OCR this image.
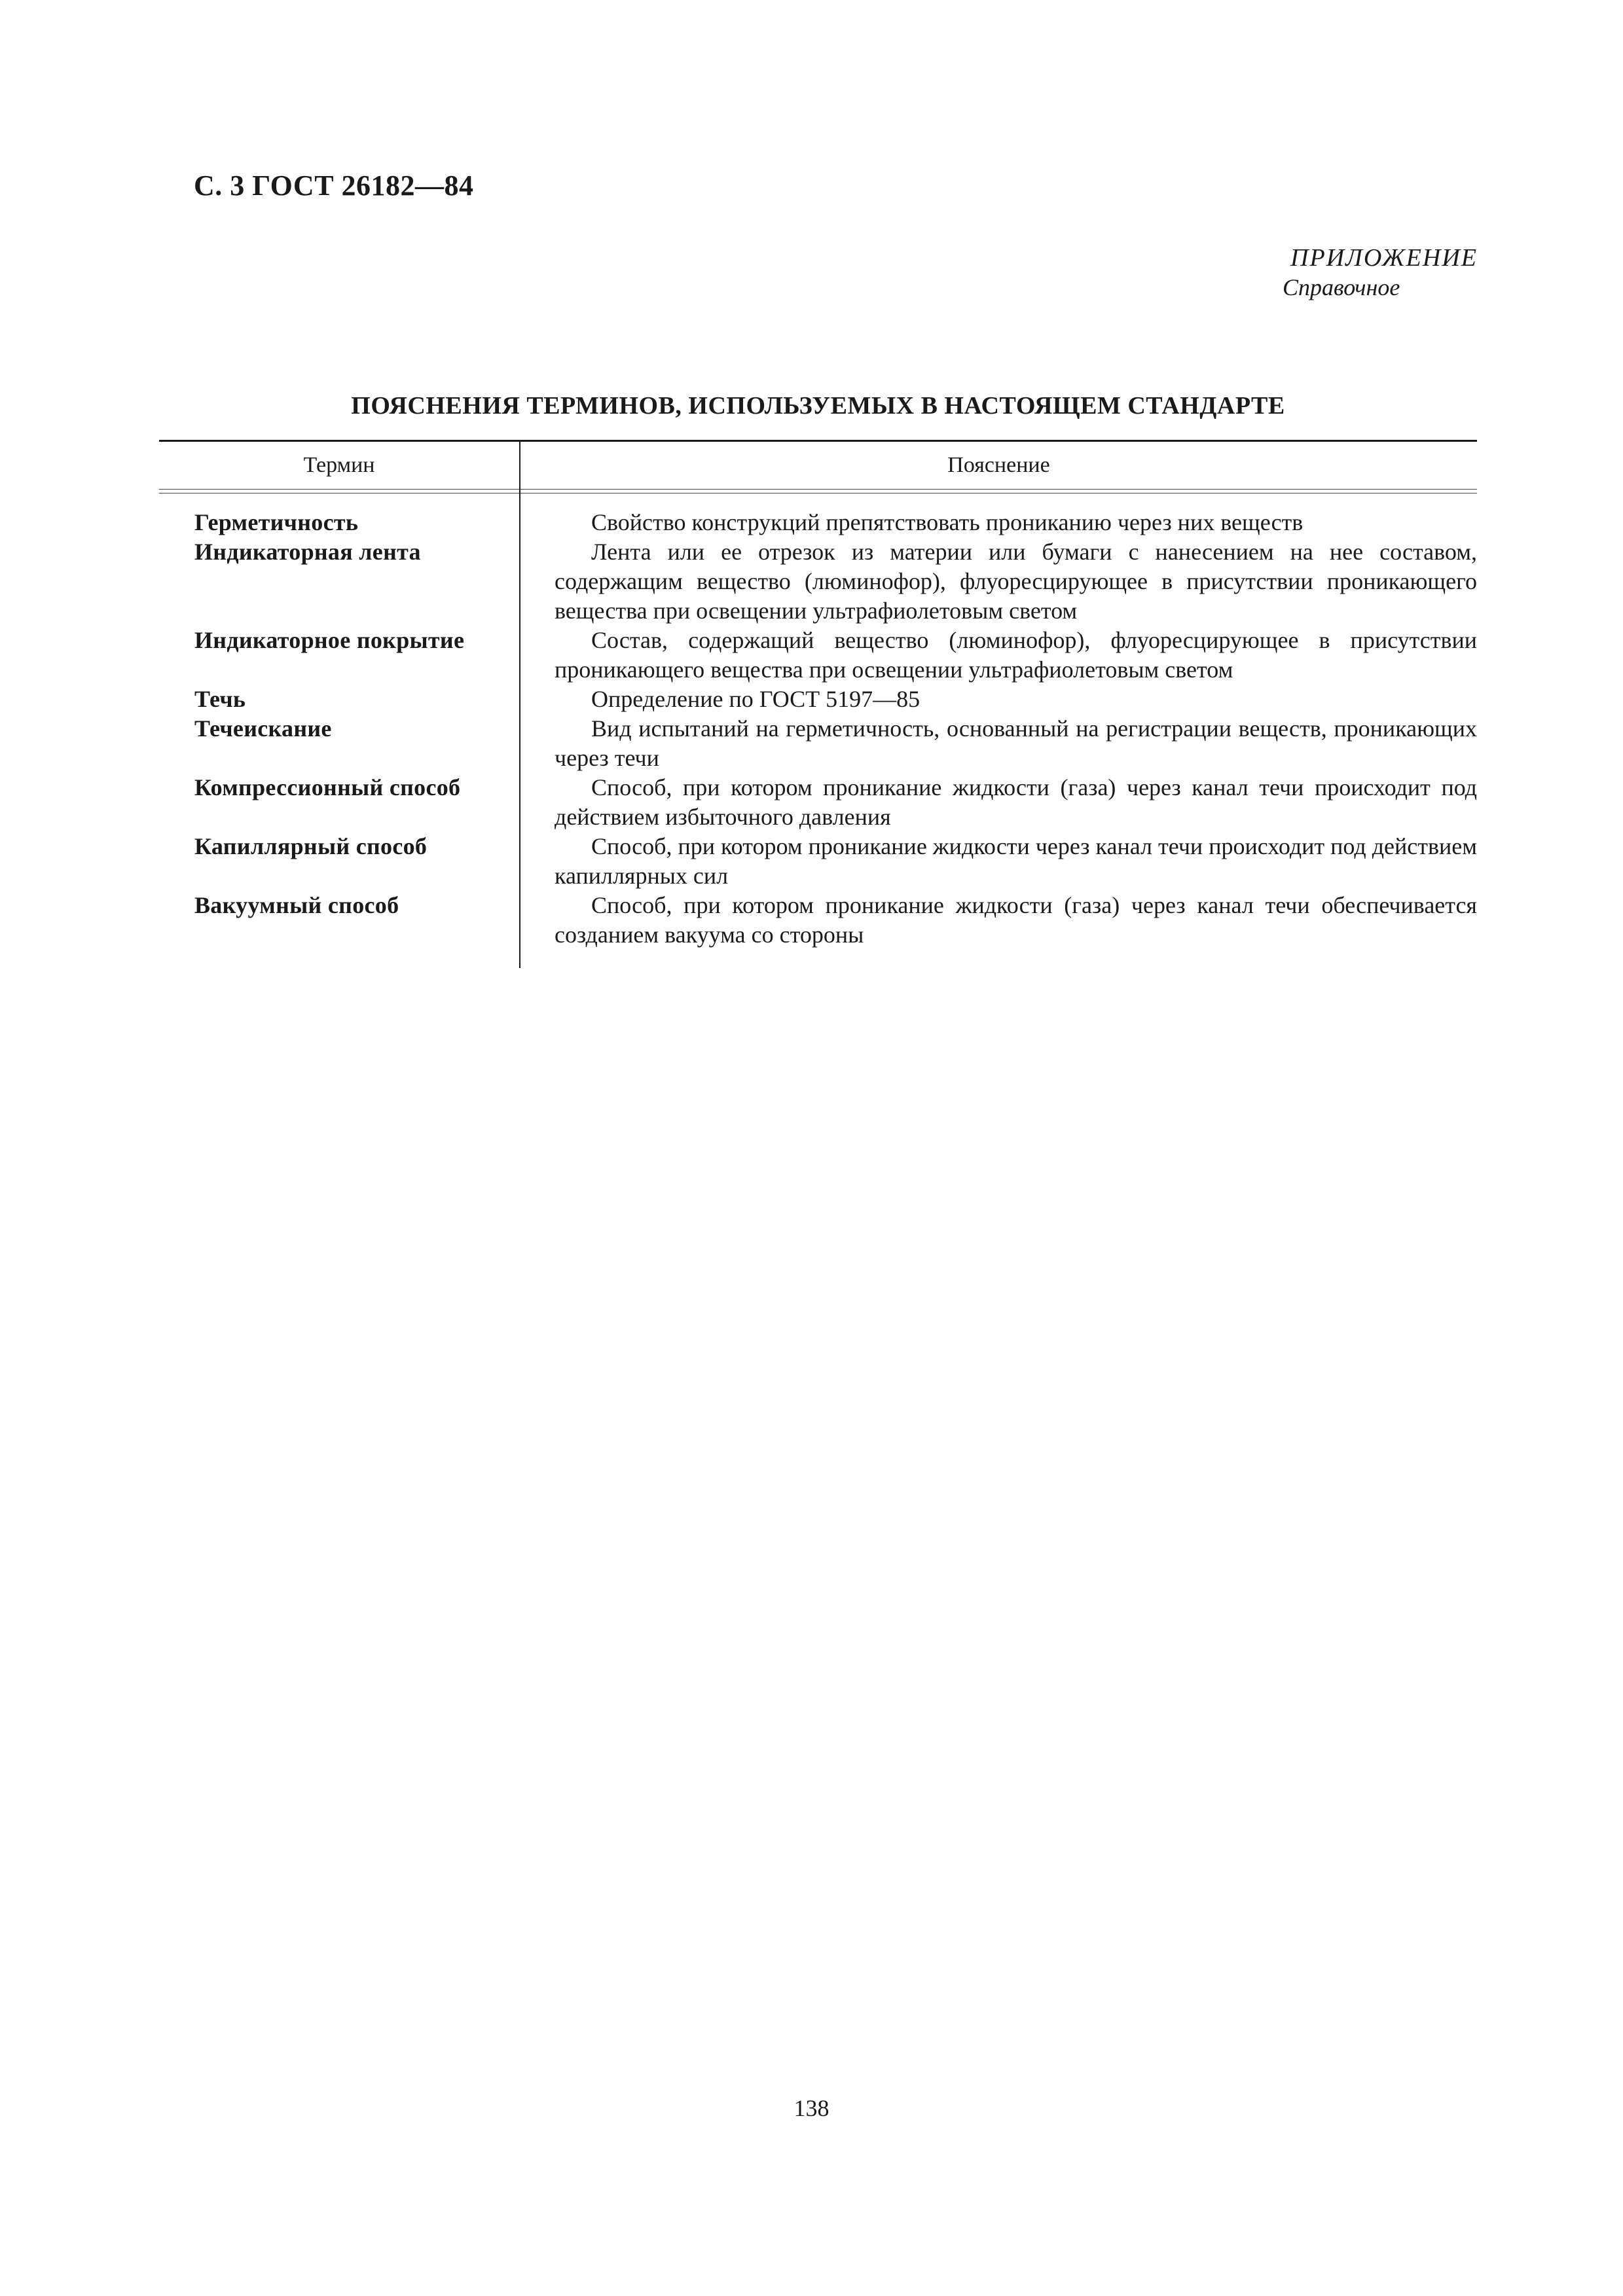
С. 3 ГОСТ 26182—84
ПРИЛОЖЕНИЕ
Справочное
ПОЯСНЕНИЯ ТЕРМИНОВ, ИСПОЛЬЗУЕМЫХ В НАСТОЯЩЕМ СТАНДАРТЕ
Термин	Пояснение

Герметичность	Свойство конструкций препятствовать прониканию через них веществ
Индикаторная лента	Лента или ее отрезок из материи или бумаги с нанесением на нее составом, содержащим вещество (люминофор), флуоресцирующее в присутствии проникающего вещества при освещении ультрафиолетовым светом
Индикаторное покрытие	Состав, содержащий вещество (люминофор), флуоресцирующее в присутствии проникающего вещества при освещении ультрафиолетовым светом
Течь	Определение по ГОСТ 5197—85
Течеискание	Вид испытаний на герметичность, основанный на регистрации веществ, проникающих через течи
Компрессионный способ	Способ, при котором проникание жидкости (газа) через канал течи происходит под действием избыточного давления
Капиллярный способ	Способ, при котором проникание жидкости через канал течи происходит под действием капиллярных сил
Вакуумный способ	Способ, при котором проникание жидкости (газа) через канал течи обеспечивается созданием вакуума со стороны

138
